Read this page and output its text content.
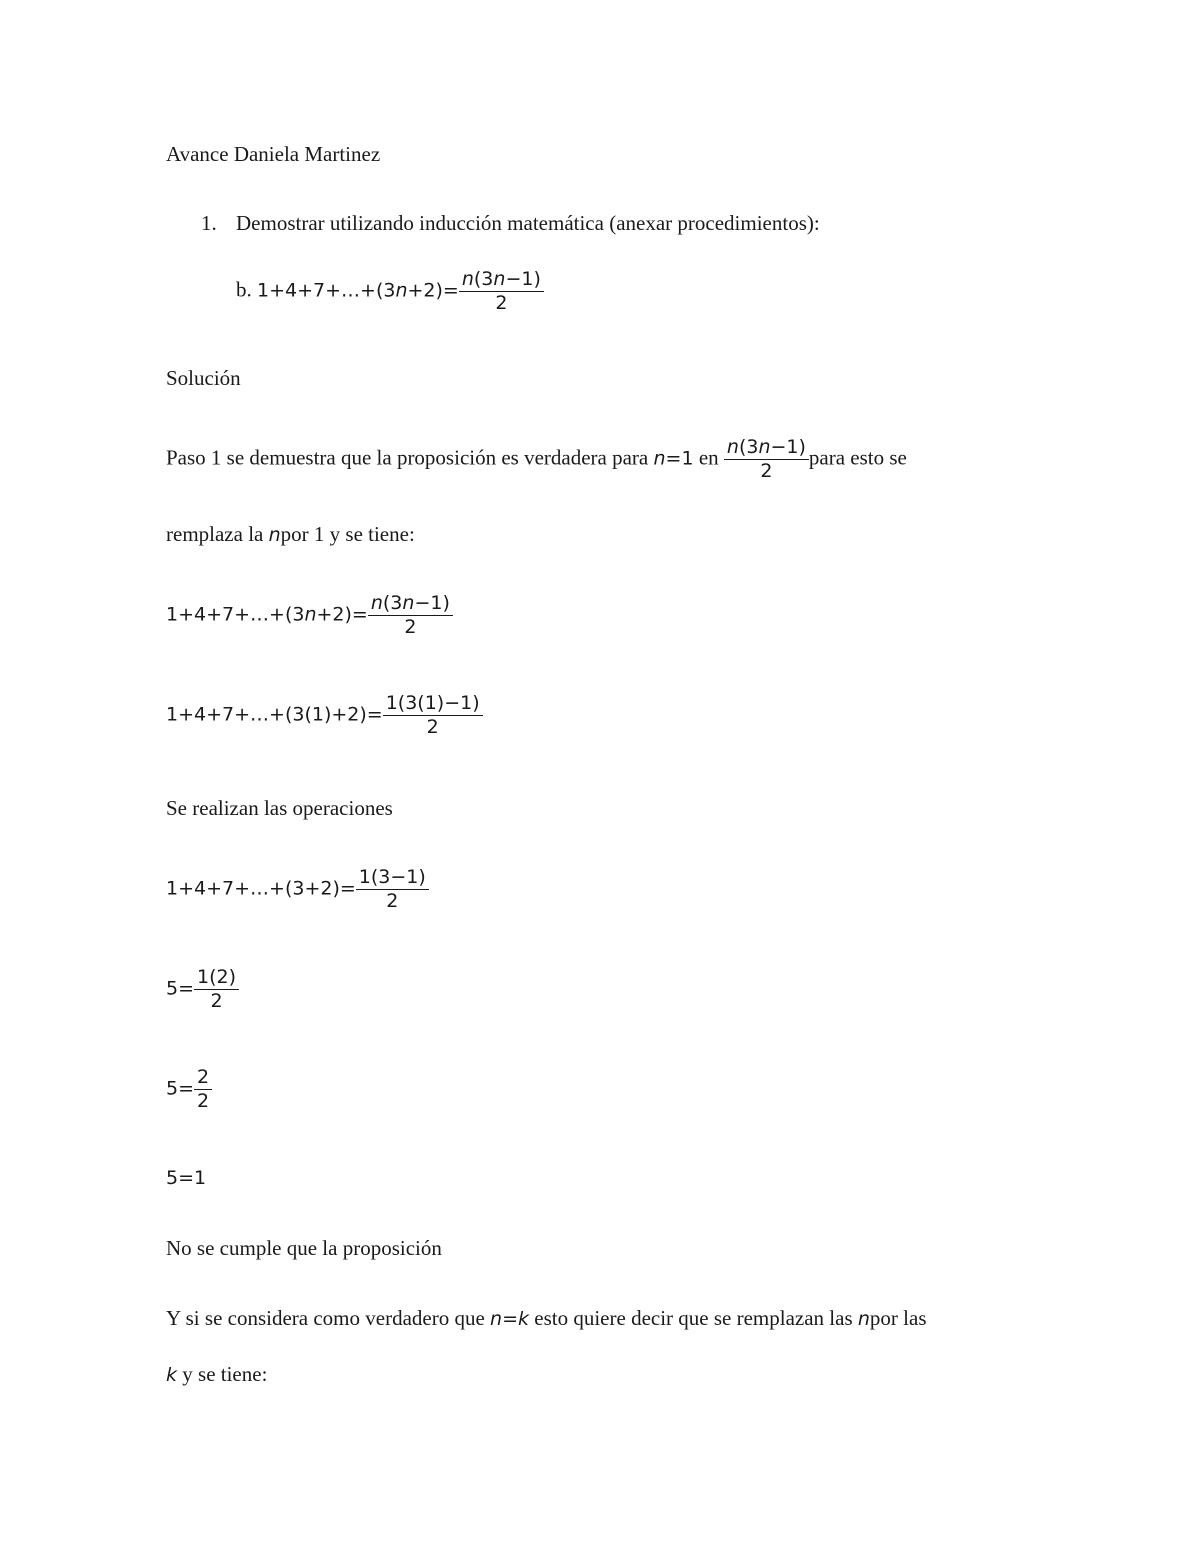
Avance Daniela Martinez
1. Demostrar utilizando inducción matemática (anexar procedimientos):
b. 1+4+7+…+(3n+2)= $\frac{n(3n-1)}{2}$
Solución
Paso 1 se demuestra que la proposición es verdadera para n=1 en $\frac{n(3n-1)}{2}$ para esto se
remplaza la npor 1 y se tiene:
1+4+7+…+(3n+2)= $\frac{n(3n-1)}{2}$
1+4+7+…+(3(1)+2)= $\frac{1(3(1)-1)}{2}$
Se realizan las operaciones
1+4+7+…+(3+2)= $\frac{1(3-1)}{2}$
$5= \frac{1(2)}{2}$
$5= \frac{2}{2}$
5=1
No se cumple que la proposición
Y si se considera como verdadero que n=k esto quiere decir que se remplazan las npor las
k y se tiene:
